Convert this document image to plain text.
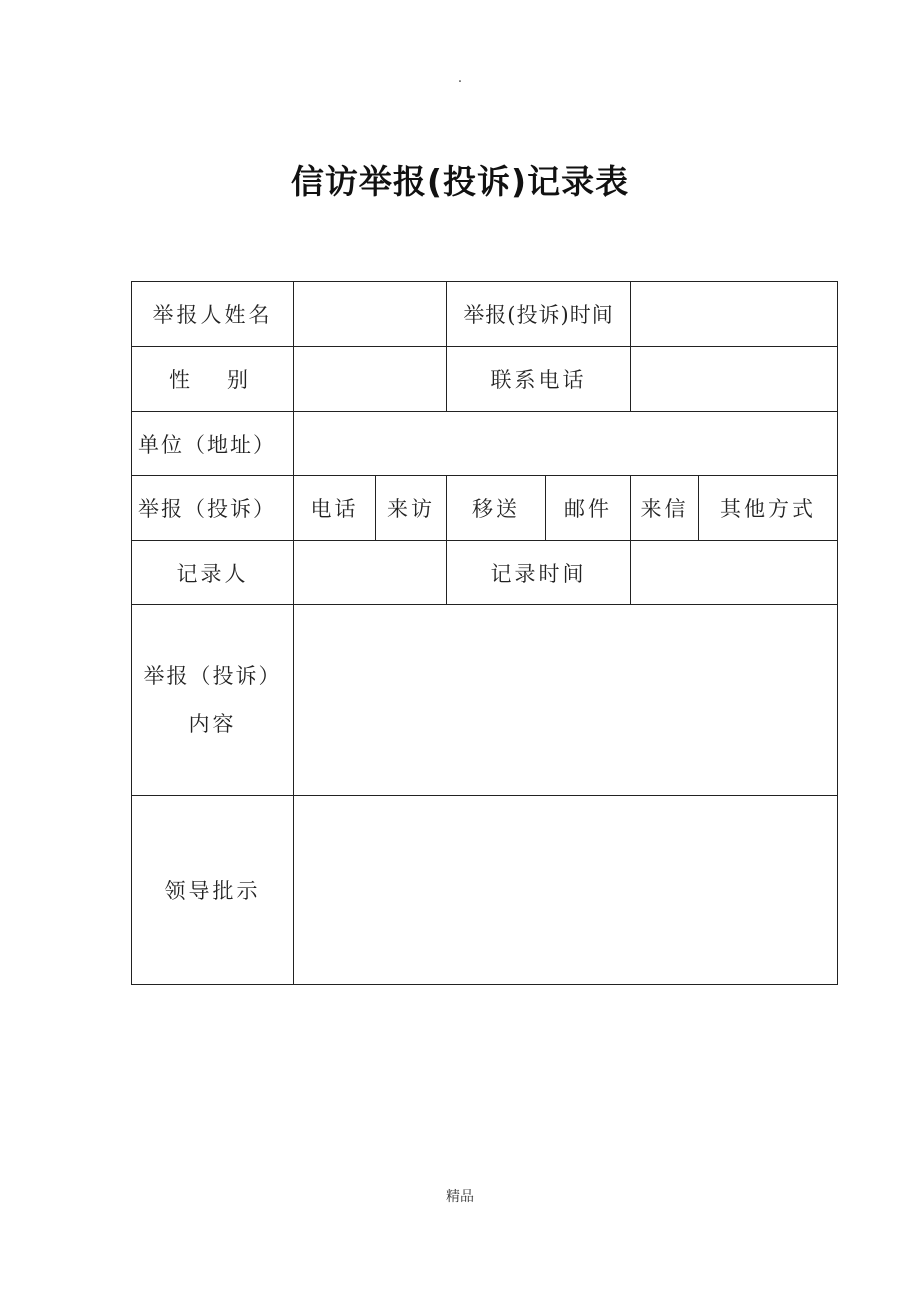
.
信访举报(投诉)记录表
举报人姓名			举报(投诉)时间			
性　别			联系电话			
单位（地址）						
举报（投诉）	电话	来访	移送	邮件	来信	其他方式
记录人			记录时间			

举报（投诉）
内容						

领导批示						
精品
